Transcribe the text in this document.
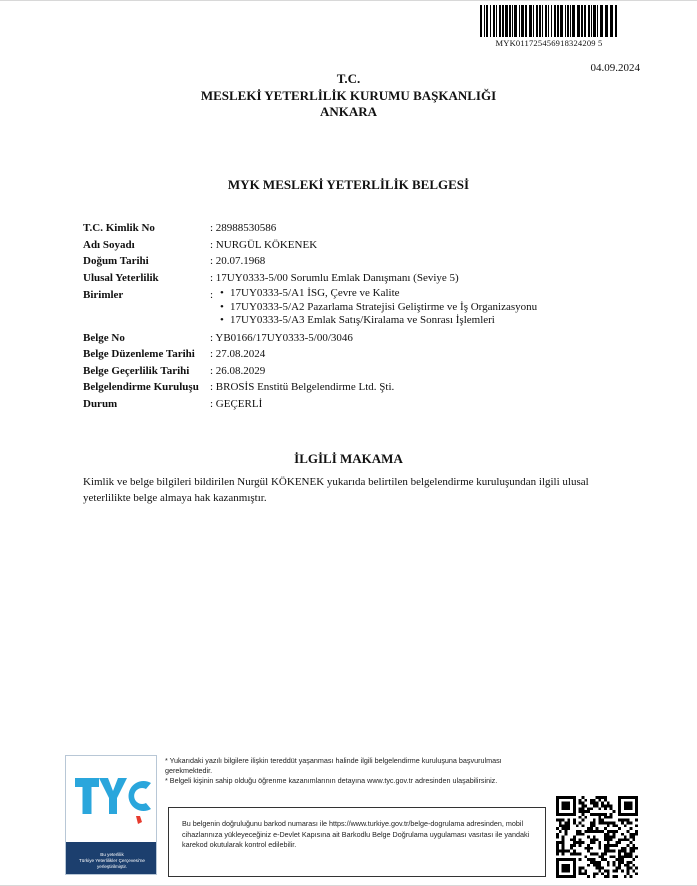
MYK011725456918324209 5
04.09.2024
T.C.
MESLEKİ YETERLİLİK KURUMU BAŞKANLIĞI
ANKARA
MYK MESLEKİ YETERLİLİK BELGESİ
T.C. Kimlik No	: 28988530586
Adı Soyadı	: NURGÜL KÖKENEK
Doğum Tarihi	: 20.07.1968
Ulusal Yeterlilik	: 17UY0333-5/00 Sorumlu Emlak Danışmanı (Seviye 5)
Birimler	:
•	17UY0333-5/A1 İSG, Çevre ve Kalite
• 17UY0333-5/A2 Pazarlama Stratejisi Geliştirme ve İş Organizasyonu
• 17UY0333-5/A3 Emlak Satış/Kiralama ve Sonrası İşlemleri
Belge No	: YB0166/17UY0333-5/00/3046
Belge Düzenleme Tarihi	: 27.08.2024
Belge Geçerlilik Tarihi	: 26.08.2029
Belgelendirme Kuruluşu	: BROSİS Enstitü Belgelendirme Ltd. Şti.
Durum	: GEÇERLİ
İLGİLİ MAKAMA
Kimlik ve belge bilgileri bildirilen Nurgül KÖKENEK yukarıda belirtilen belgelendirme kuruluşundan ilgili ulusal yeterlilikte belge almaya hak kazanmıştır.
Bu yeterlilik
Türkiye Yeterlilikler Çerçevesi'ne
yerleştirilmiştir.
* Yukarıdaki yazılı bilgilere ilişkin tereddüt yaşanması halinde ilgili belgelendirme kuruluşuna başvurulması gerekmektedir.
* Belgeli kişinin sahip olduğu öğrenme kazanımlarının detayına www.tyc.gov.tr adresinden ulaşabilirsiniz.
Bu belgenin doğruluğunu barkod numarası ile https://www.turkiye.gov.tr/belge-dogrulama adresinden, mobil cihazlarınıza yükleyeceğiniz e-Devlet Kapısına ait Barkodlu Belge Doğrulama uygulaması vasıtası ile yandaki karekod okutularak kontrol edilebilir.
